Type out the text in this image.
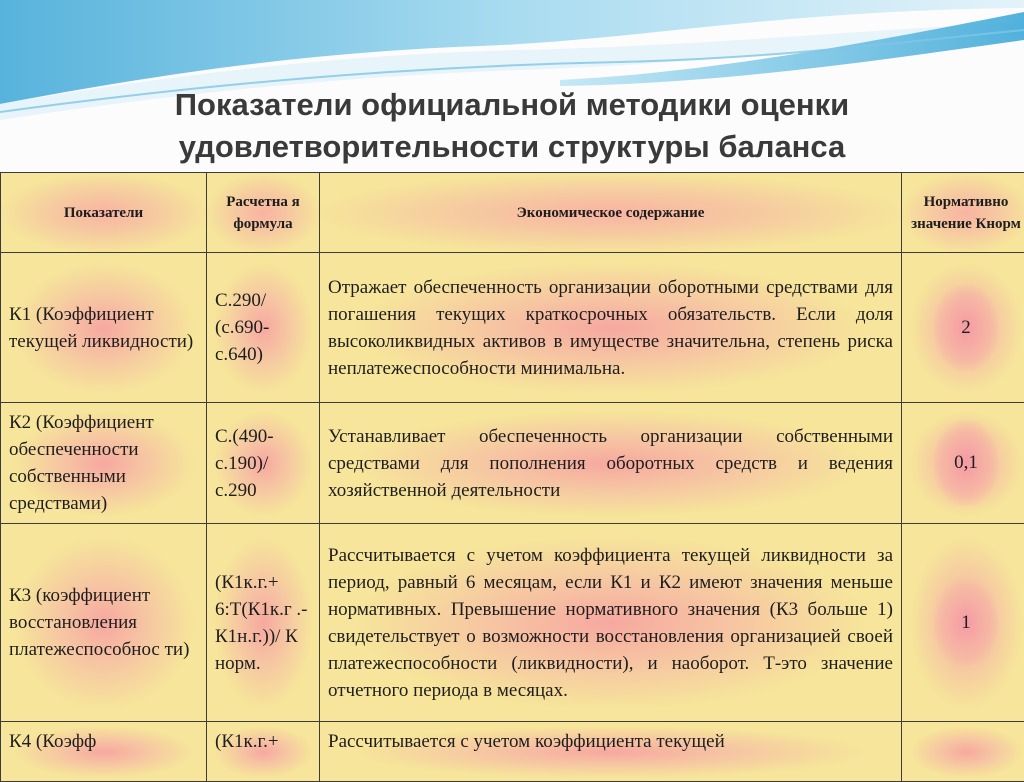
Показатели официальной методики оценки
удовлетворительности структуры баланса
Показатели	Расчетна я формула	Экономическое содержание	Нормативно значение Кнорм
К1 (Коэффициент текущей ликвидности)	С.290/ (с.690-с.640)	Отражает обеспеченность организации оборотными средствами для погашения текущих краткосрочных обязательств. Если доля высоколиквидных активов в имуществе значительна, степень риска неплатежеспособности минимальна.	2

К2 (Коэффициент обеспеченности собственными средствами)	С.(490-с.190)/ с.290	Устанавливает обеспеченность организации собственными средствами для пополнения оборотных средств и ведения хозяйственной деятельности	0,1

К3 (коэффициент восстановления платежеспособнос ти)	(К1к.г.+ 6:Т(К1к.г .-К1н.г.))/ К норм.	Рассчитывается с учетом коэффициента текущей ликвидности за период, равный 6 месяцам, если К1 и К2 имеют значения меньше нормативных. Превышение нормативного значения (К3 больше 1) свидетельствует о возможности восстановления организацией своей платежеспособности (ликвидности), и наоборот. Т-это значение отчетного периода в месяцах.	1

К4 (Коэфф	(К1к.г.+	Рассчитывается с учетом коэффициента текущей	
